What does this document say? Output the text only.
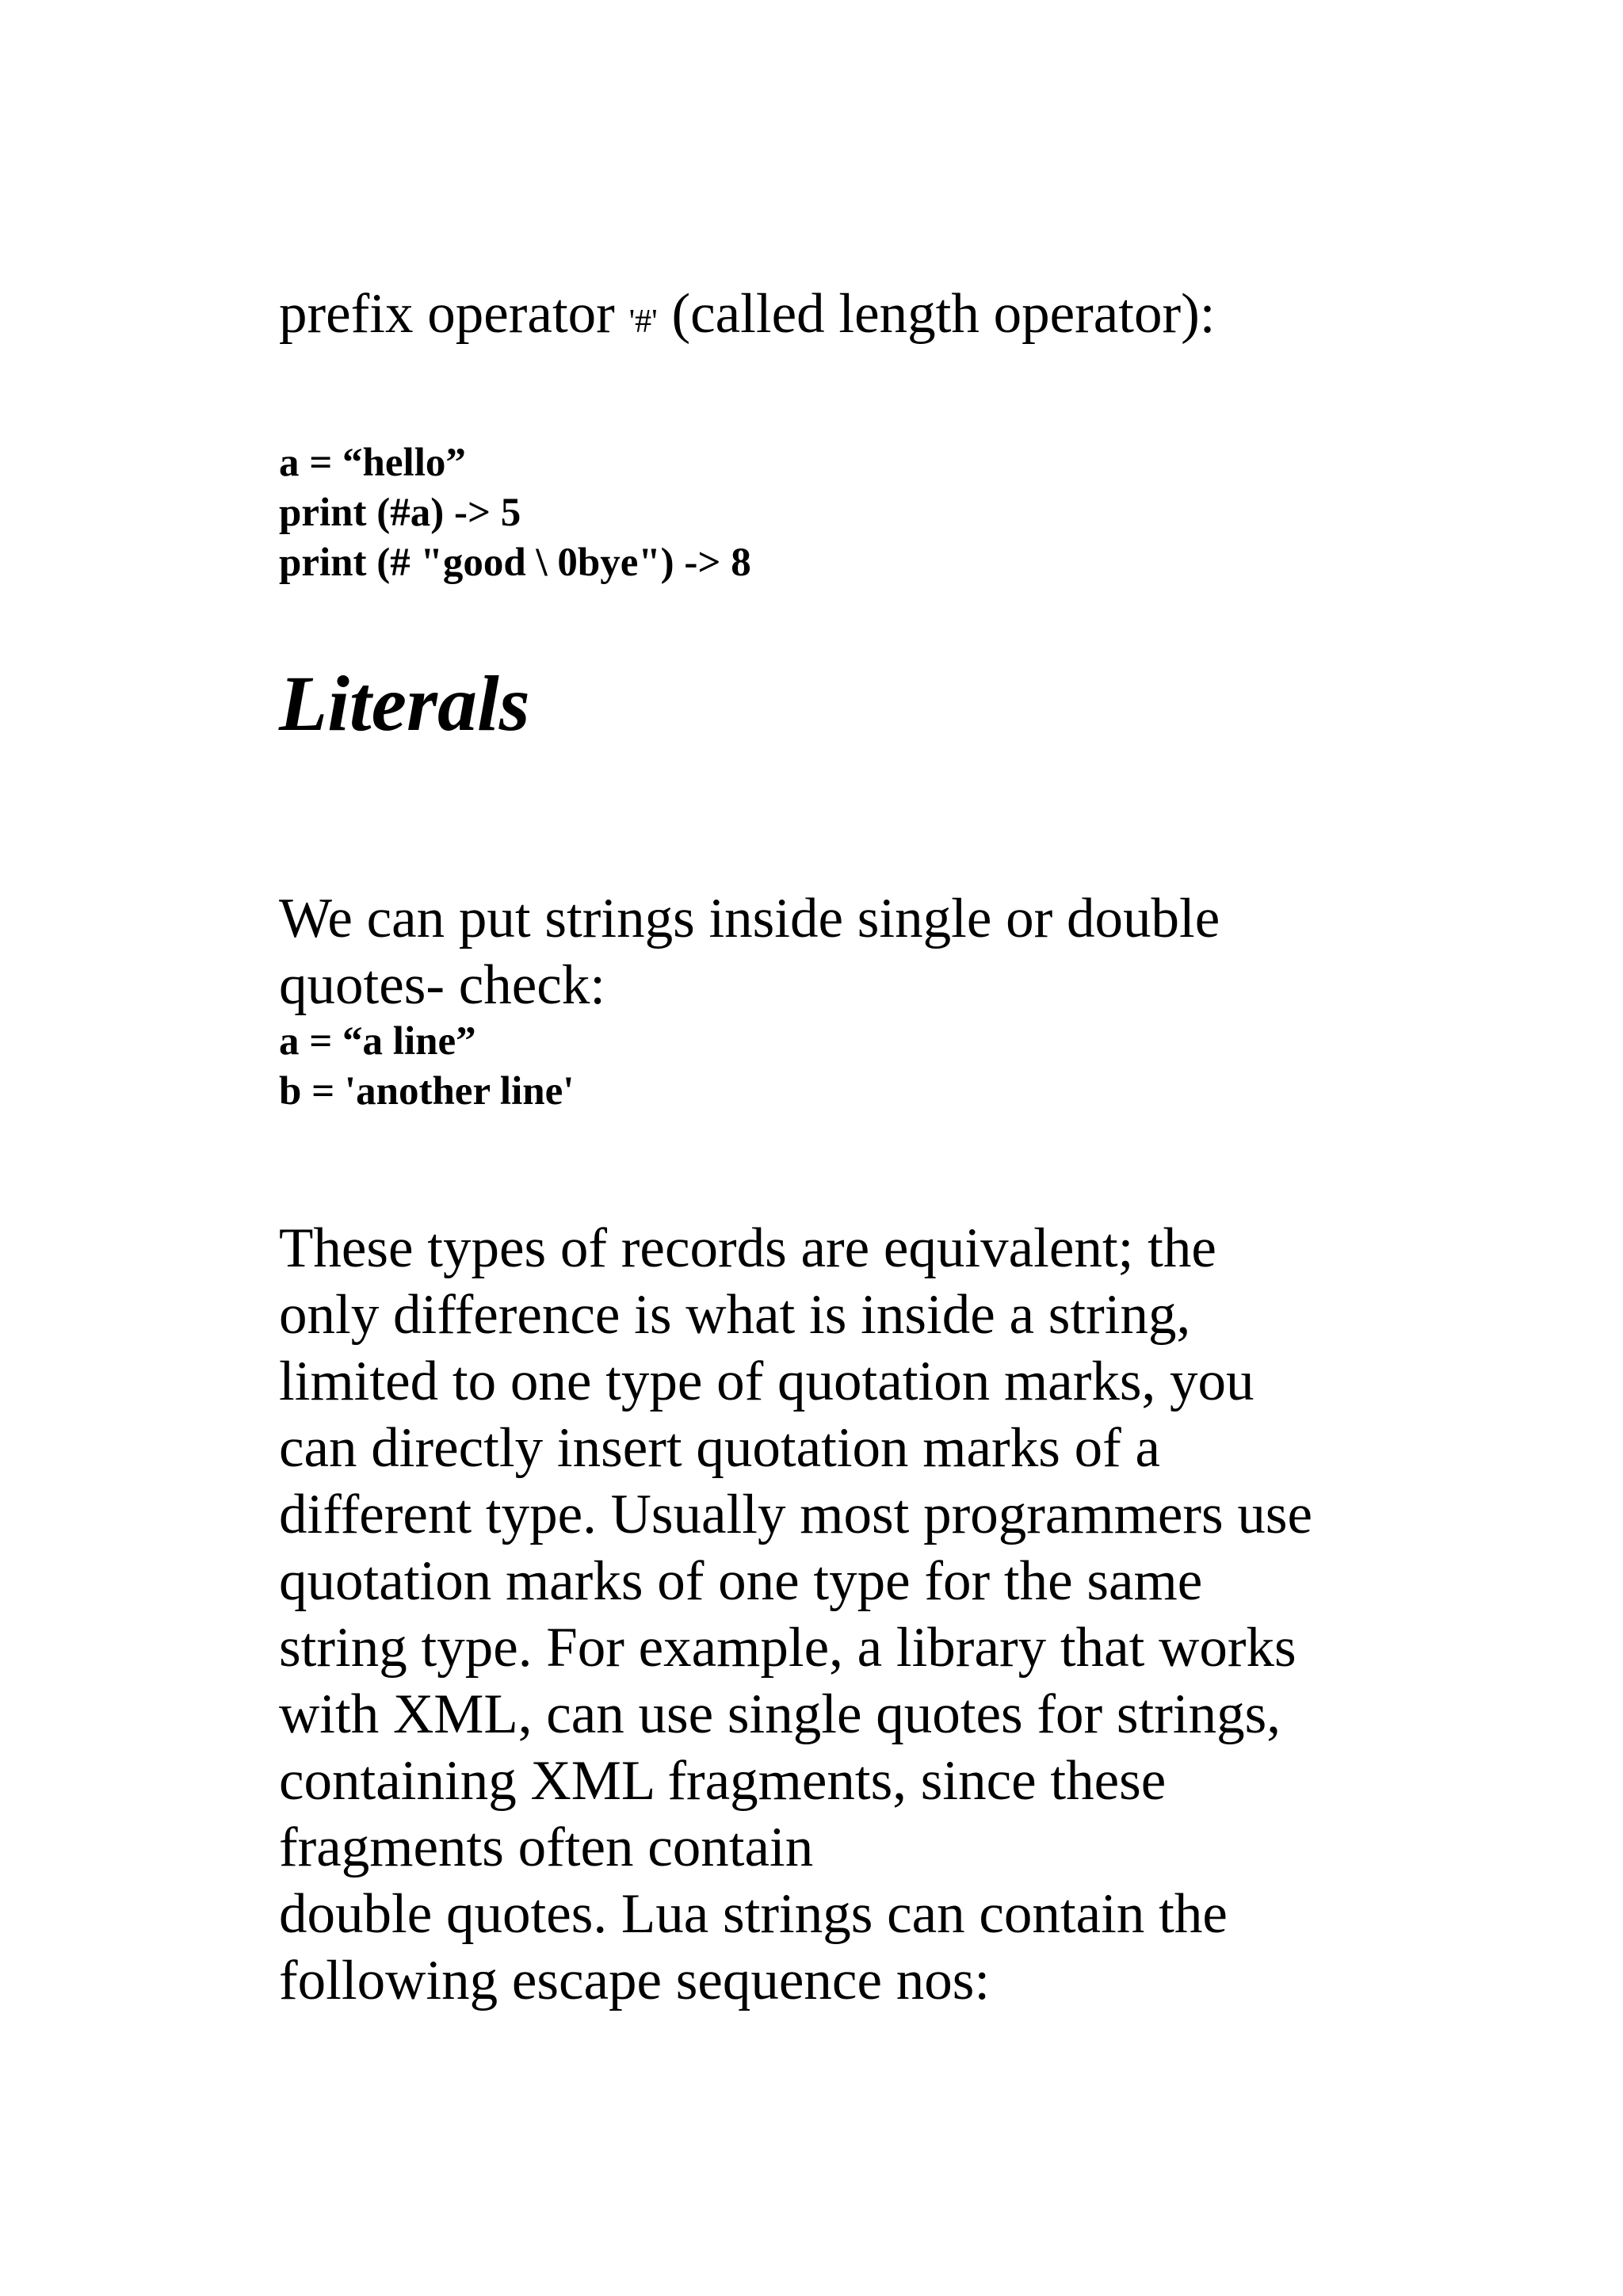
prefix operator '#' (called length operator):

a = “hello”
print (#a) -> 5
print (# "good \ 0bye") -> 8
Literals
We can put strings inside single or double
quotes- check:
a = “a line”
b = 'another line'
These types of records are equivalent; the
only difference is what is inside a string,
limited to one type of quotation marks, you
can directly insert quotation marks of a
different type. Usually most programmers use
quotation marks of one type for the same
string type. For example, a library that works
with XML, can use single quotes for strings,
containing XML fragments, since these
fragments often contain
double quotes. Lua strings can contain the
following escape sequence nos:
